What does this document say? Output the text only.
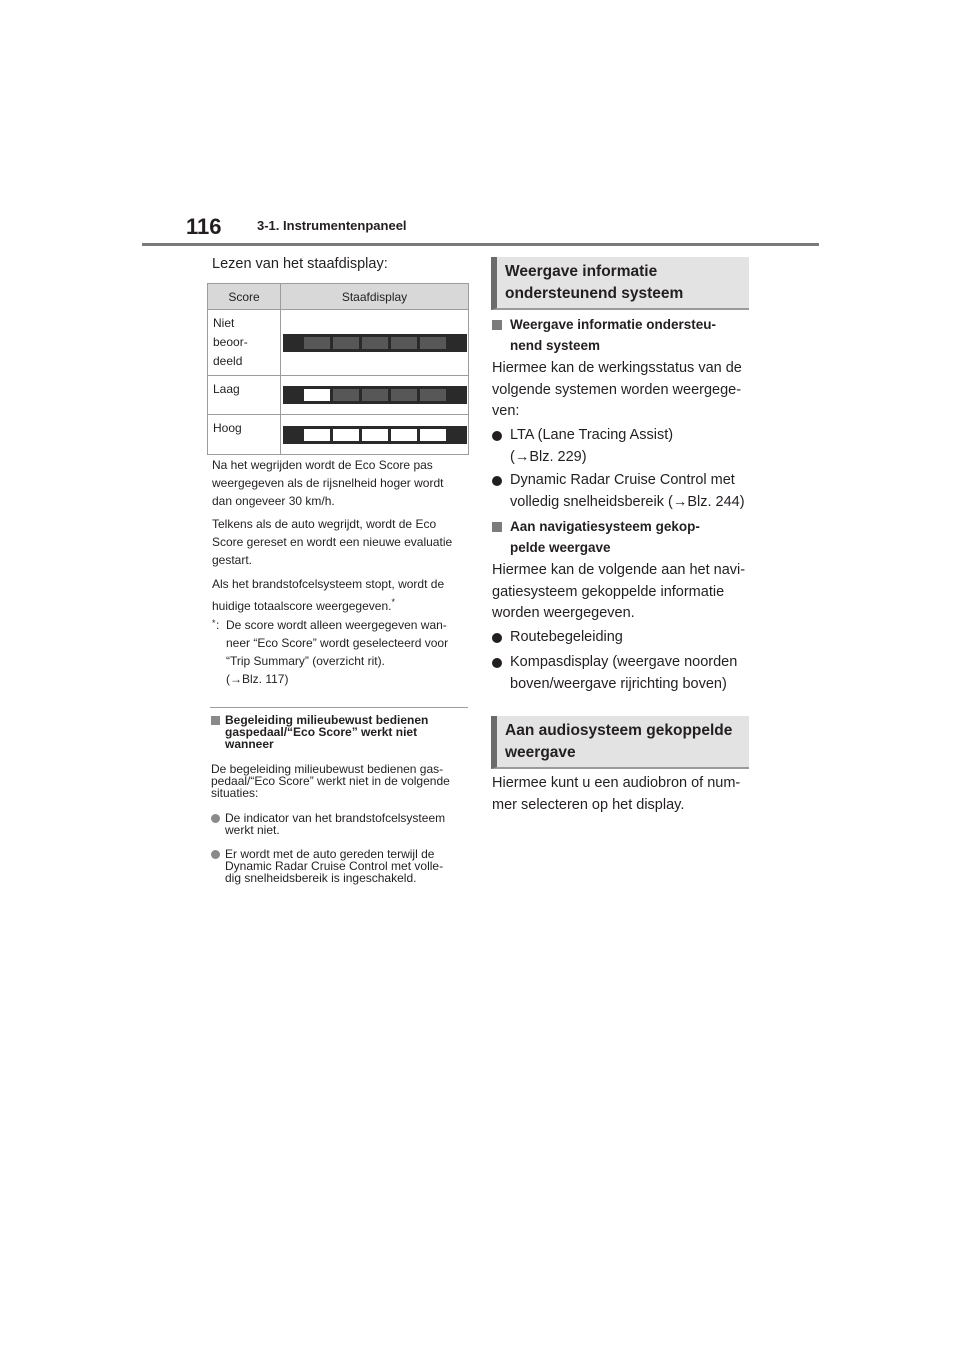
116	3-1. Instrumentenpaneel
Lezen van het staafdisplay:
Score	Staafdisplay

Niet
beoor-
deeld	

Laag	

Hoog	

Na het wegrijden wordt de Eco Score pas
weergegeven als de rijsnelheid hoger wordt
dan ongeveer 30 km/h.
Telkens als de auto wegrijdt, wordt de Eco
Score gereset en wordt een nieuwe evaluatie
gestart.
Als het brandstofcelsysteem stopt, wordt de
huidige totaalscore weergegeven.*
* : De score wordt alleen weergegeven wan-
neer “Eco Score” wordt geselecteerd voor
“Trip Summary” (overzicht rit).
(→Blz. 117)
Begeleiding milieubewust bedienen
gaspedaal/“Eco Score” werkt niet
wanneer
De begeleiding milieubewust bedienen gas-
pedaal/“Eco Score” werkt niet in de volgende
situaties:
De indicator van het brandstofcelsysteem
werkt niet.
Er wordt met de auto gereden terwijl de
Dynamic Radar Cruise Control met volle-
dig snelheidsbereik is ingeschakeld.
Weergave informatie
ondersteunend systeem
Weergave informatie ondersteu-
nend systeem
Hiermee kan de werkingsstatus van de
volgende systemen worden weergege-
ven:
LTA (Lane Tracing Assist)
(→Blz. 229)
Dynamic Radar Cruise Control met
volledig snelheidsbereik (→Blz. 244)
Aan navigatiesysteem gekop-
pelde weergave
Hiermee kan de volgende aan het navi-
gatiesysteem gekoppelde informatie
worden weergegeven.
Routebegeleiding
Kompasdisplay (weergave noorden
boven/weergave rijrichting boven)
Aan audiosysteem gekoppelde
weergave
Hiermee kunt u een audiobron of num-
mer selecteren op het display.
